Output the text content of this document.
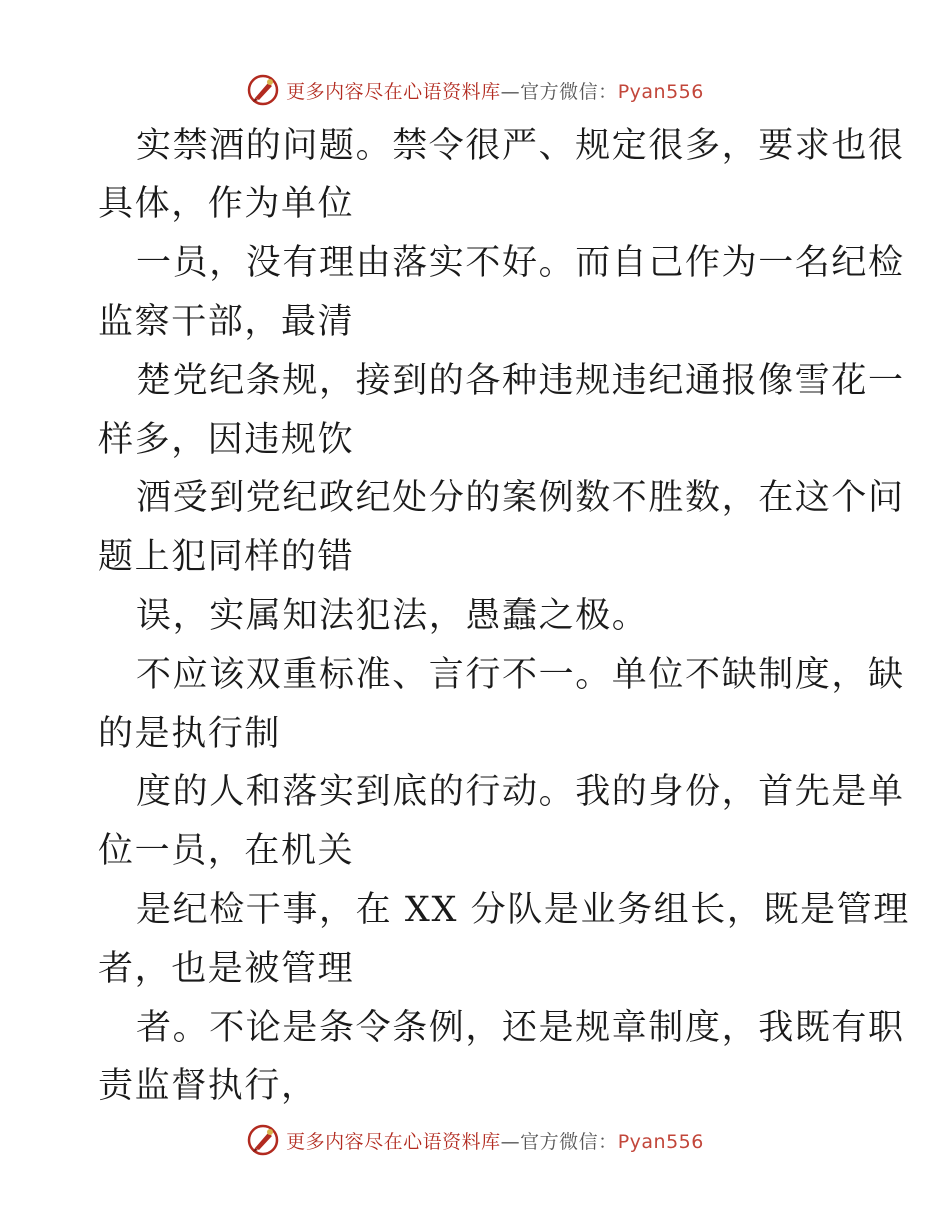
更多内容尽在心语资料库—官方微信：Pyan556
实禁酒的问题。禁令很严、规定很多，要求也很
具体，作为单位
一员，没有理由落实不好。而自己作为一名纪检
监察干部，最清
楚党纪条规，接到的各种违规违纪通报像雪花一
样多，因违规饮
酒受到党纪政纪处分的案例数不胜数，在这个问
题上犯同样的错
误，实属知法犯法，愚蠢之极。
不应该双重标准、言行不一。单位不缺制度，缺
的是执行制
度的人和落实到底的行动。我的身份，首先是单
位一员，在机关
是纪检干事，在 XX 分队是业务组长，既是管理
者，也是被管理
者。不论是条令条例，还是规章制度，我既有职
责监督执行，
更多内容尽在心语资料库—官方微信：Pyan556
